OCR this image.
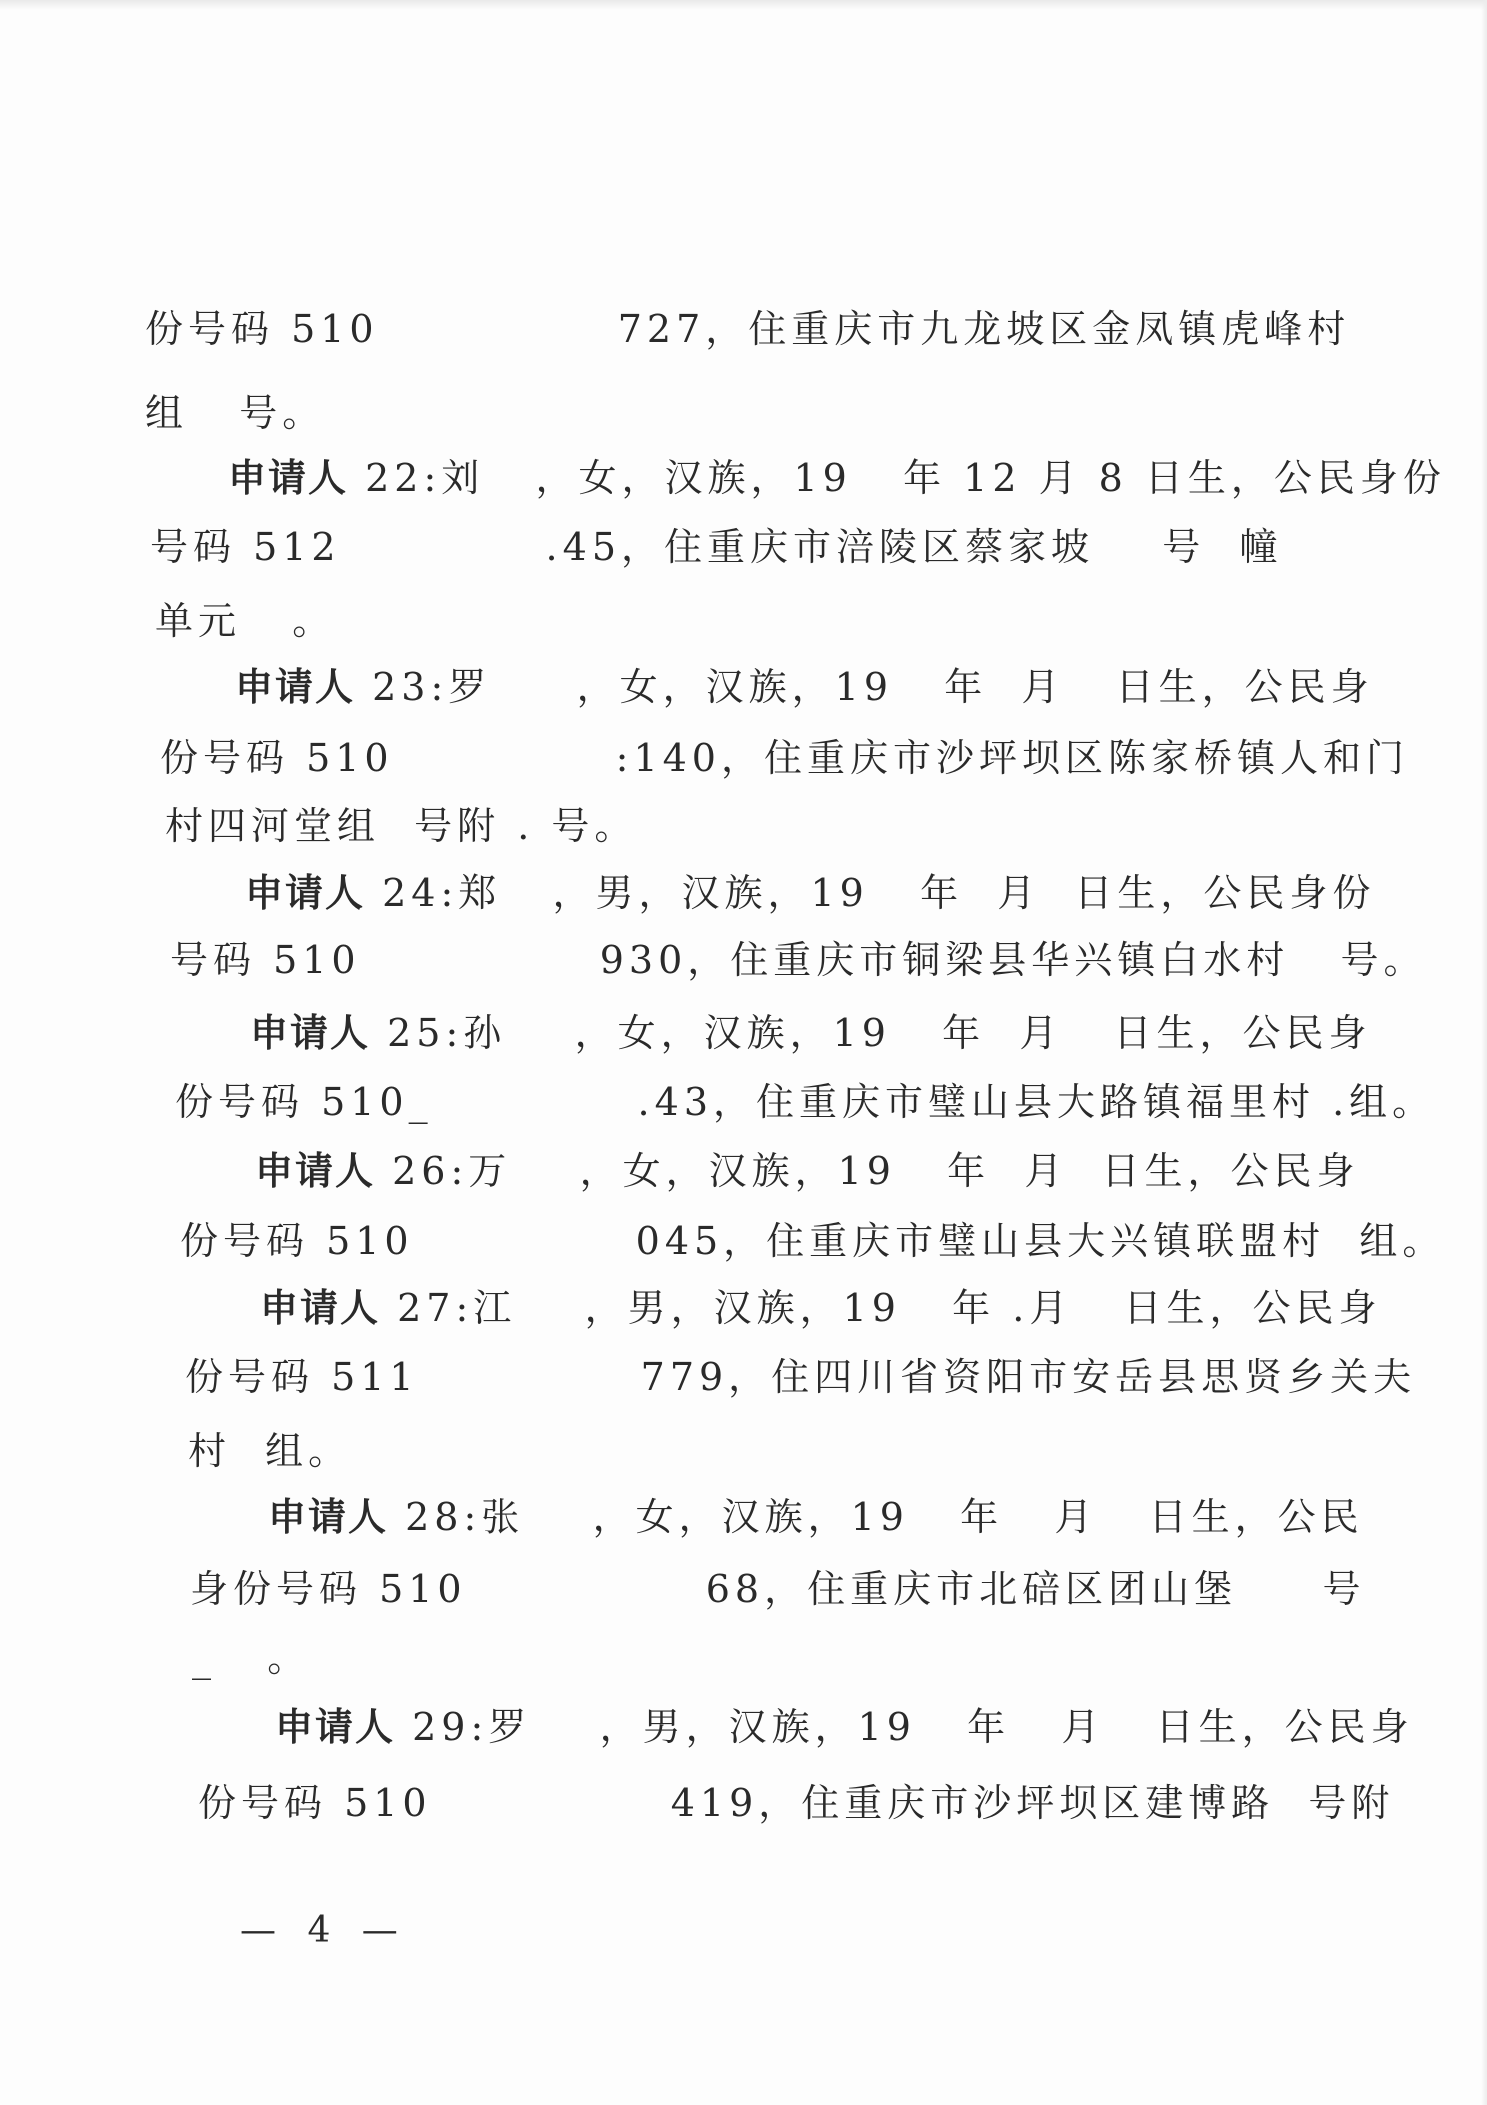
份号码 510              727，住重庆市九龙坡区金凤镇虎峰村
组   号。
申请人 22:刘   ，女，汉族，19   年 12 月 8 日生，公民身份
号码 512            .45，住重庆市涪陵区蔡家坡    号  幢
单元   。
申请人 23:罗     ，女，汉族，19   年  月   日生，公民身
份号码 510             :140，住重庆市沙坪坝区陈家桥镇人和门
村四河堂组  号附 . 号。
申请人 24:郑   ，男，汉族，19   年  月  日生，公民身份
号码 510              930，住重庆市铜梁县华兴镇白水村   号。
申请人 25:孙    ，女，汉族，19   年  月   日生，公民身
份号码 510_            .43，住重庆市璧山县大路镇福里村 .组。
申请人 26:万    ，女，汉族，19   年  月  日生，公民身
份号码 510             045，住重庆市璧山县大兴镇联盟村  组。
申请人 27:江    ，男，汉族，19   年 .月   日生，公民身
份号码 511             779，住四川省资阳市安岳县思贤乡关夫
村  组。
申请人 28:张    ，女，汉族，19   年   月   日生，公民
身份号码 510              68，住重庆市北碚区团山堡     号
_   。
申请人 29:罗    ，男，汉族，19   年   月   日生，公民身
份号码 510              419，住重庆市沙坪坝区建博路  号附
— 4 —
